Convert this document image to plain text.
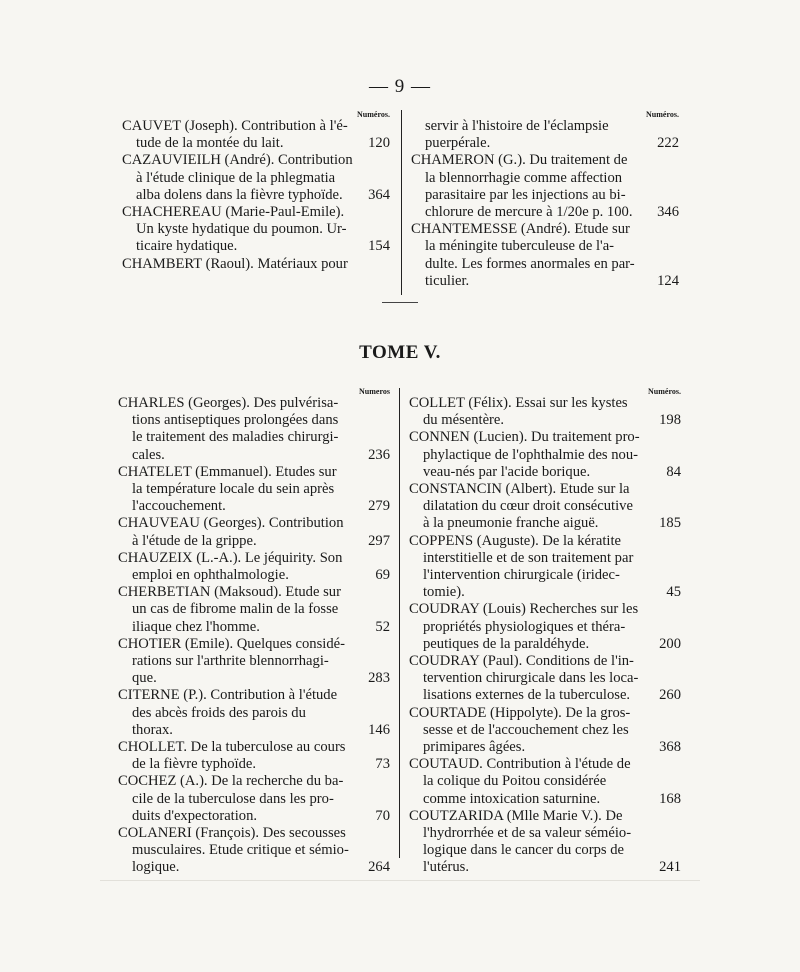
— 9 —
Numéros.
CAUVET (Joseph). Contribution à l'é-
120
tude de la montée du lait.
CAZAUVIEILH (André). Contribution
à l'étude clinique de la phlegmatia
364
alba dolens dans la fièvre typhoïde.
CHACHEREAU (Marie-Paul-Emile).
Un kyste hydatique du poumon. Ur-
154
ticaire hydatique.
CHAMBERT (Raoul). Matériaux pour
Numéros.
servir à l'histoire de l'éclampsie
222
puerpérale.
CHAMERON (G.). Du traitement de
la blennorrhagie comme affection
parasitaire par les injections au bi-
346
chlorure de mercure à 1/20e p. 100.
CHANTEMESSE (André). Etude sur
la méningite tuberculeuse de l'a-
dulte. Les formes anormales en par-
124
ticulier.
TOME V.
Numeros
CHARLES (Georges). Des pulvérisa-
tions antiseptiques prolongées dans
le traitement des maladies chirurgi-
236
cales.
CHATELET (Emmanuel). Etudes sur
la température locale du sein après
279
l'accouchement.
CHAUVEAU (Georges). Contribution
297
à l'étude de la grippe.
CHAUZEIX (L.-A.). Le jéquirity. Son
69
emploi en ophthalmologie.
CHERBETIAN (Maksoud). Etude sur
un cas de fibrome malin de la fosse
52
iliaque chez l'homme.
CHOTIER (Emile). Quelques considé-
rations sur l'arthrite blennorrhagi-
283
que.
CITERNE (P.). Contribution à l'étude
des abcès froids des parois du
146
thorax.
CHOLLET. De la tuberculose au cours
73
de la fièvre typhoïde.
COCHEZ (A.). De la recherche du ba-
cile de la tuberculose dans les pro-
70
duits d'expectoration.
COLANERI (François). Des secousses
musculaires. Etude critique et sémio-
264
logique.
Numéros.
COLLET (Félix). Essai sur les kystes
198
du mésentère.
CONNEN (Lucien). Du traitement pro-
phylactique de l'ophthalmie des nou-
84
veau-nés par l'acide borique.
CONSTANCIN (Albert). Etude sur la
dilatation du cœur droit consécutive
185
à la pneumonie franche aiguë.
COPPENS (Auguste). De la kératite
interstitielle et de son traitement par
l'intervention chirurgicale (iridec-
45
tomie).
COUDRAY (Louis) Recherches sur les
propriétés physiologiques et théra-
200
peutiques de la paraldéhyde.
COUDRAY (Paul). Conditions de l'in-
tervention chirurgicale dans les loca-
260
lisations externes de la tuberculose.
COURTADE (Hippolyte). De la gros-
sesse et de l'accouchement chez les
368
primipares âgées.
COUTAUD. Contribution à l'étude de
la colique du Poitou considérée
168
comme intoxication saturnine.
COUTZARIDA (Mlle Marie V.). De
l'hydrorrhée et de sa valeur séméio-
logique dans le cancer du corps de
241
l'utérus.
